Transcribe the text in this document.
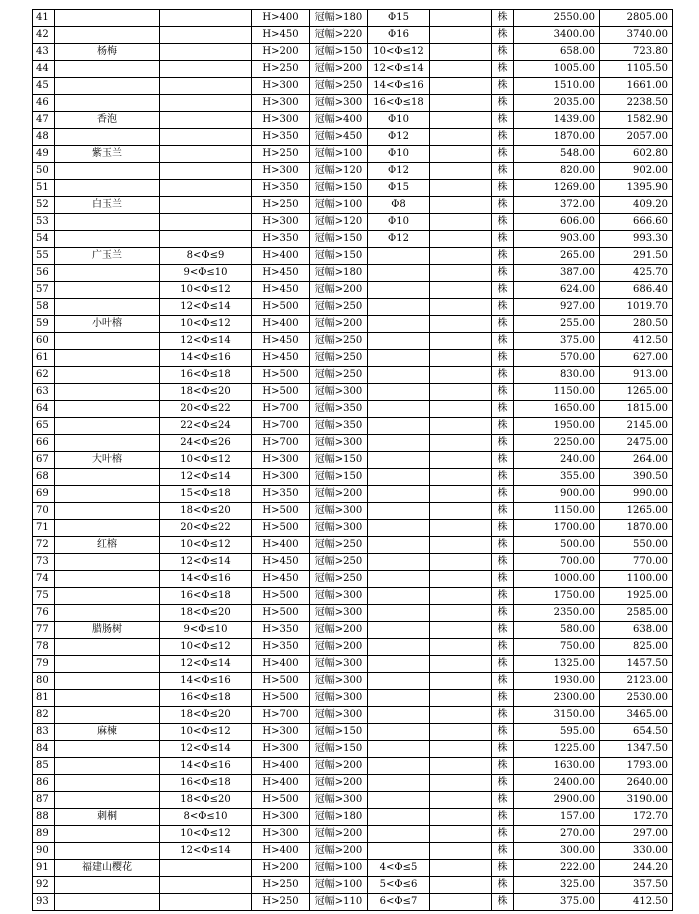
41			H>400	冠幅>180	Φ15		株	2550.00	2805.00
42			H>450	冠幅>220	Φ16		株	3400.00	3740.00
43	杨梅		H>200	冠幅>150	10<Φ≤12		株	658.00	723.80
44			H>250	冠幅>200	12<Φ≤14		株	1005.00	1105.50
45			H>300	冠幅>250	14<Φ≤16		株	1510.00	1661.00
46			H>300	冠幅>300	16<Φ≤18		株	2035.00	2238.50
47	香泡		H>300	冠幅>400	Φ10		株	1439.00	1582.90
48			H>350	冠幅>450	Φ12		株	1870.00	2057.00
49	紫玉兰		H>250	冠幅>100	Φ10		株	548.00	602.80
50			H>300	冠幅>120	Φ12		株	820.00	902.00
51			H>350	冠幅>150	Φ15		株	1269.00	1395.90
52	白玉兰		H>250	冠幅>100	Φ8		株	372.00	409.20
53			H>300	冠幅>120	Φ10		株	606.00	666.60
54			H>350	冠幅>150	Φ12		株	903.00	993.30
55	广玉兰	8<Φ≤9	H>400	冠幅>150			株	265.00	291.50
56		9<Φ≤10	H>450	冠幅>180			株	387.00	425.70
57		10<Φ≤12	H>450	冠幅>200			株	624.00	686.40
58		12<Φ≤14	H>500	冠幅>250			株	927.00	1019.70
59	小叶榕	10<Φ≤12	H>400	冠幅>200			株	255.00	280.50
60		12<Φ≤14	H>450	冠幅>250			株	375.00	412.50
61		14<Φ≤16	H>450	冠幅>250			株	570.00	627.00
62		16<Φ≤18	H>500	冠幅>250			株	830.00	913.00
63		18<Φ≤20	H>500	冠幅>300			株	1150.00	1265.00
64		20<Φ≤22	H>700	冠幅>350			株	1650.00	1815.00
65		22<Φ≤24	H>700	冠幅>350			株	1950.00	2145.00
66		24<Φ≤26	H>700	冠幅>300			株	2250.00	2475.00
67	大叶榕	10<Φ≤12	H>300	冠幅>150			株	240.00	264.00
68		12<Φ≤14	H>300	冠幅>150			株	355.00	390.50
69		15<Φ≤18	H>350	冠幅>200			株	900.00	990.00
70		18<Φ≤20	H>500	冠幅>300			株	1150.00	1265.00
71		20<Φ≤22	H>500	冠幅>300			株	1700.00	1870.00
72	红榕	10<Φ≤12	H>400	冠幅>250			株	500.00	550.00
73		12<Φ≤14	H>450	冠幅>250			株	700.00	770.00
74		14<Φ≤16	H>450	冠幅>250			株	1000.00	1100.00
75		16<Φ≤18	H>500	冠幅>300			株	1750.00	1925.00
76		18<Φ≤20	H>500	冠幅>300			株	2350.00	2585.00
77	腊肠树	9<Φ≤10	H>350	冠幅>200			株	580.00	638.00
78		10<Φ≤12	H>350	冠幅>200			株	750.00	825.00
79		12<Φ≤14	H>400	冠幅>300			株	1325.00	1457.50
80		14<Φ≤16	H>500	冠幅>300			株	1930.00	2123.00
81		16<Φ≤18	H>500	冠幅>300			株	2300.00	2530.00
82		18<Φ≤20	H>700	冠幅>300			株	3150.00	3465.00
83	麻楝	10<Φ≤12	H>300	冠幅>150			株	595.00	654.50
84		12<Φ≤14	H>300	冠幅>150			株	1225.00	1347.50
85		14<Φ≤16	H>400	冠幅>200			株	1630.00	1793.00
86		16<Φ≤18	H>400	冠幅>200			株	2400.00	2640.00
87		18<Φ≤20	H>500	冠幅>300			株	2900.00	3190.00
88	刺桐	8<Φ≤10	H>300	冠幅>180			株	157.00	172.70
89		10<Φ≤12	H>300	冠幅>200			株	270.00	297.00
90		12<Φ≤14	H>400	冠幅>200			株	300.00	330.00
91	福建山樱花		H>200	冠幅>100	4<Φ≤5		株	222.00	244.20
92			H>250	冠幅>100	5<Φ≤6		株	325.00	357.50
93			H>250	冠幅>110	6<Φ≤7		株	375.00	412.50
